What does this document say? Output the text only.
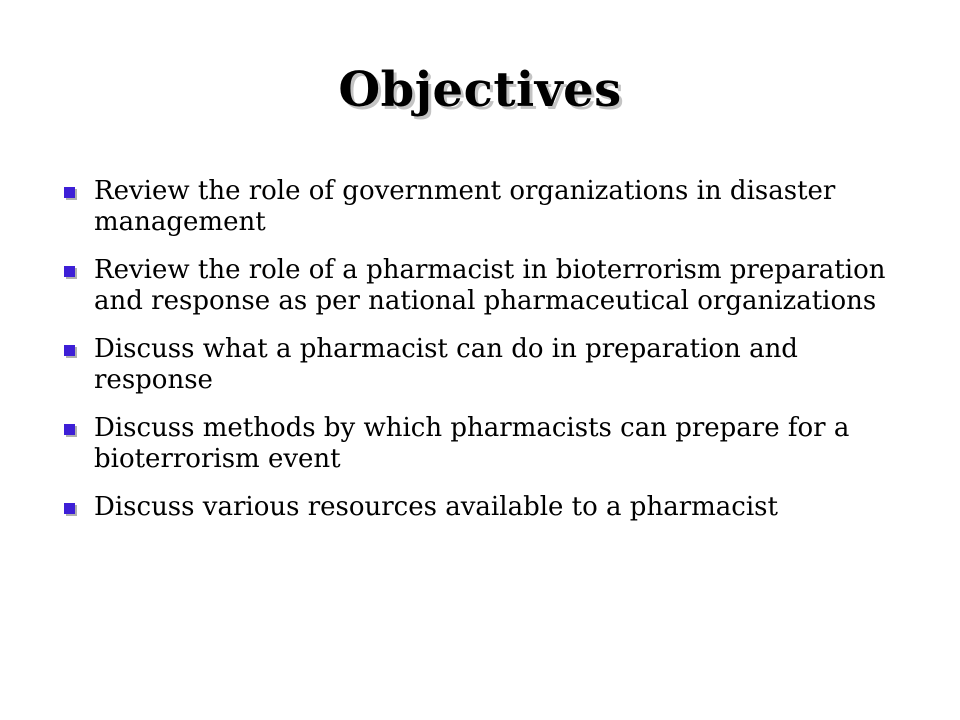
Objectives
Review the role of government organizations in disaster management
Review the role of a pharmacist in bioterrorism preparation and response as per national pharmaceutical organizations
Discuss what a pharmacist can do in preparation and response
Discuss methods by which pharmacists can prepare for a bioterrorism event
Discuss various resources available to a pharmacist
